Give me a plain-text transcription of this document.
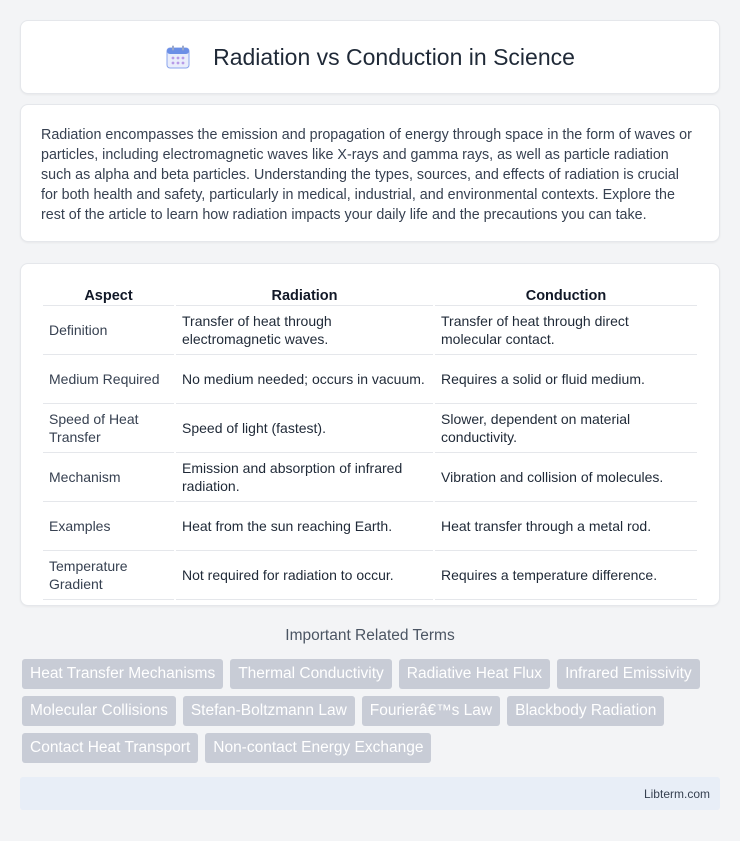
Radiation vs Conduction in Science

Radiation encompasses the emission and propagation of energy through space in the form of waves or particles, including electromagnetic waves like X-rays and gamma rays, as well as particle radiation such as alpha and beta particles. Understanding the types, sources, and effects of radiation is crucial for both health and safety, particularly in medical, industrial, and environmental contexts. Explore the rest of the article to learn how radiation impacts your daily life and the precautions you can take.

Aspect	Radiation	Conduction
Definition	Transfer of heat through electromagnetic waves.	Transfer of heat through direct molecular contact.
Medium Required	No medium needed; occurs in vacuum.	Requires a solid or fluid medium.
Speed of Heat Transfer	Speed of light (fastest).	Slower, dependent on material conductivity.
Mechanism	Emission and absorption of infrared radiation.	Vibration and collision of molecules.
Examples	Heat from the sun reaching Earth.	Heat transfer through a metal rod.
Temperature Gradient	Not required for radiation to occur.	Requires a temperature difference.
Important Related Terms
Heat Transfer Mechanisms	Thermal Conductivity	Radiative Heat Flux	Infrared Emissivity
Molecular Collisions	Stefan-Boltzmann Law	Fourierâ€™s Law	Blackbody Radiation
Contact Heat Transport	Non-contact Energy Exchange
Libterm.com
